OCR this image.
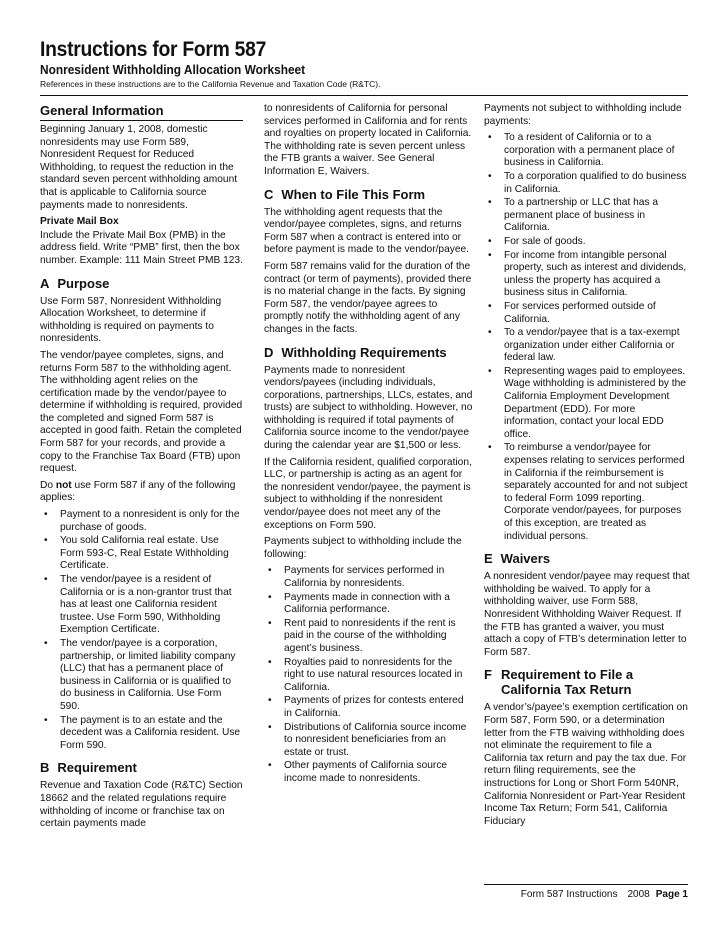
Instructions for Form 587
Nonresident Withholding Allocation Worksheet
References in these instructions are to the California Revenue and Taxation Code (R&TC).
General Information

Beginning January 1, 2008, domestic nonresidents may use Form 589, Nonresident Request for Reduced Withholding, to request the reduction in the standard seven percent withholding amount that is applicable to California source payments made to nonresidents.

Private Mail Box

Include the Private Mail Box (PMB) in the address field. Write “PMB” first, then the box number. Example: 111 Main Street PMB 123.

A Purpose

Use Form 587, Nonresident Withholding Allocation Worksheet, to determine if withholding is required on payments to nonresidents.

The vendor/payee completes, signs, and returns Form 587 to the withholding agent. The withholding agent relies on the certification made by the vendor/payee to determine if withholding is required, provided the completed and signed Form 587 is accepted in good faith. Retain the completed Form 587 for your records, and provide a copy to the Franchise Tax Board (FTB) upon request.

Do not use Form 587 if any of the following applies:

• Payment to a nonresident is only for the purchase of goods.
• You sold California real estate. Use Form 593-C, Real Estate Withholding Certificate.
• The vendor/payee is a resident of California or is a non-grantor trust that has at least one California resident trustee. Use Form 590, Withholding Exemption Certificate.
• The vendor/payee is a corporation, partnership, or limited liability company (LLC) that has a permanent place of business in California or is qualified to do business in California. Use Form 590.
• The payment is to an estate and the decedent was a California resident. Use Form 590.
B Requirement

Revenue and Taxation Code (R&TC) Section 18662 and the related regulations require withholding of income or franchise tax on certain payments made

to nonresidents of California for personal services performed in California and for rents and royalties on property located in California. The withholding rate is seven percent unless the FTB grants a waiver. See General Information E, Waivers.

C When to File This Form

The withholding agent requests that the vendor/payee completes, signs, and returns Form 587 when a contract is entered into or before payment is made to the vendor/payee.

Form 587 remains valid for the duration of the contract (or term of payments), provided there is no material change in the facts. By signing Form 587, the vendor/payee agrees to promptly notify the withholding agent of any changes in the facts.

D Withholding Requirements

Payments made to nonresident vendors/payees (including individuals, corporations, partnerships, LLCs, estates, and trusts) are subject to withholding. However, no withholding is required if total payments of California source income to the vendor/payee during the calendar year are $1,500 or less.

If the California resident, qualified corporation, LLC, or partnership is acting as an agent for the nonresident vendor/payee, the payment is subject to withholding if the nonresident vendor/payee does not meet any of the exceptions on Form 590.

Payments subject to withholding include the following:

• Payments for services performed in California by nonresidents.
• Payments made in connection with a California performance.
• Rent paid to nonresidents if the rent is paid in the course of the withholding agent’s business.
• Royalties paid to nonresidents for the right to use natural resources located in California.
• Payments of prizes for contests entered in California.
• Distributions of California source income to nonresident beneficiaries from an estate or trust.
• Other payments of California source income made to nonresidents.

Payments not subject to withholding include payments:

• To a resident of California or to a corporation with a permanent place of business in California.
• To a corporation qualified to do business in California.
• To a partnership or LLC that has a permanent place of business in California.
• For sale of goods.
• For income from intangible personal property, such as interest and dividends, unless the property has acquired a business situs in California.
• For services performed outside of California.
• To a vendor/payee that is a tax-exempt organization under either California or federal law.
• Representing wages paid to employees. Wage withholding is administered by the California Employment Development Department (EDD). For more information, contact your local EDD office.
• To reimburse a vendor/payee for expenses relating to services performed in California if the reimbursement is separately accounted for and not subject to federal Form 1099 reporting. Corporate vendor/payees, for purposes of this exception, are treated as individual persons.
E Waivers

A nonresident vendor/payee may request that withholding be waived. To apply for a withholding waiver, use Form 588, Nonresident Withholding Waiver Request. If the FTB has granted a waiver, you must attach a copy of FTB’s determination letter to Form 587.

F Requirement to File a California Tax Return

A vendor’s/payee’s exemption certification on Form 587, Form 590, or a determination letter from the FTB waiving withholding does not eliminate the requirement to file a California tax return and pay the tax due. For return filing requirements, see the instructions for Long or Short Form 540NR, California Nonresident or Part-Year Resident Income Tax Return; Form 541, California Fiduciary

Form 587 Instructions 2008 Page 1
